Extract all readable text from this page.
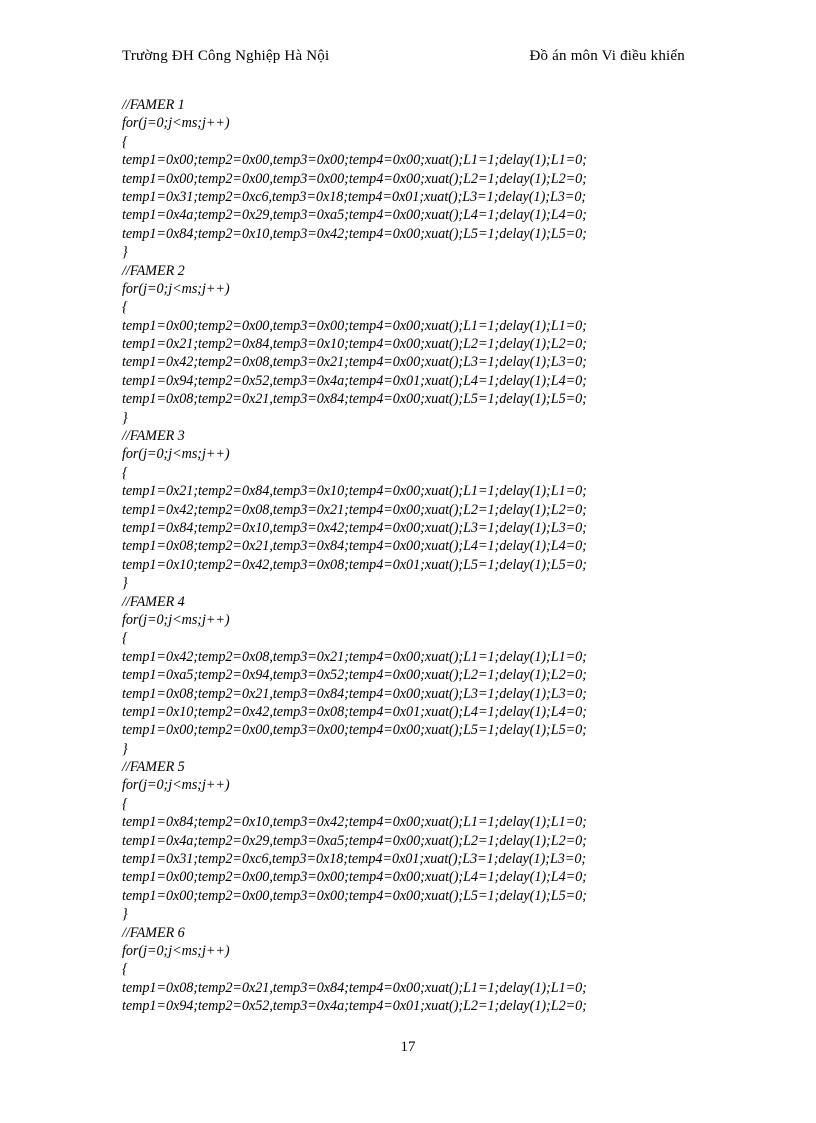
Trường ĐH Công Nghiệp Hà Nội	Đồ án môn Vi điều khiển
//FAMER 1
for(j=0;j<ms;j++)
{
temp1=0x00;temp2=0x00,temp3=0x00;temp4=0x00;xuat();L1=1;delay(1);L1=0;
temp1=0x00;temp2=0x00,temp3=0x00;temp4=0x00;xuat();L2=1;delay(1);L2=0;
temp1=0x31;temp2=0xc6,temp3=0x18;temp4=0x01;xuat();L3=1;delay(1);L3=0;
temp1=0x4a;temp2=0x29,temp3=0xa5;temp4=0x00;xuat();L4=1;delay(1);L4=0;
temp1=0x84;temp2=0x10,temp3=0x42;temp4=0x00;xuat();L5=1;delay(1);L5=0;
}
//FAMER 2
for(j=0;j<ms;j++)
{
temp1=0x00;temp2=0x00,temp3=0x00;temp4=0x00;xuat();L1=1;delay(1);L1=0;
temp1=0x21;temp2=0x84,temp3=0x10;temp4=0x00;xuat();L2=1;delay(1);L2=0;
temp1=0x42;temp2=0x08,temp3=0x21;temp4=0x00;xuat();L3=1;delay(1);L3=0;
temp1=0x94;temp2=0x52,temp3=0x4a;temp4=0x01;xuat();L4=1;delay(1);L4=0;
temp1=0x08;temp2=0x21,temp3=0x84;temp4=0x00;xuat();L5=1;delay(1);L5=0;
}
//FAMER 3
for(j=0;j<ms;j++)
{
temp1=0x21;temp2=0x84,temp3=0x10;temp4=0x00;xuat();L1=1;delay(1);L1=0;
temp1=0x42;temp2=0x08,temp3=0x21;temp4=0x00;xuat();L2=1;delay(1);L2=0;
temp1=0x84;temp2=0x10,temp3=0x42;temp4=0x00;xuat();L3=1;delay(1);L3=0;
temp1=0x08;temp2=0x21,temp3=0x84;temp4=0x00;xuat();L4=1;delay(1);L4=0;
temp1=0x10;temp2=0x42,temp3=0x08;temp4=0x01;xuat();L5=1;delay(1);L5=0;
}
//FAMER 4
for(j=0;j<ms;j++)
{
temp1=0x42;temp2=0x08,temp3=0x21;temp4=0x00;xuat();L1=1;delay(1);L1=0;
temp1=0xa5;temp2=0x94,temp3=0x52;temp4=0x00;xuat();L2=1;delay(1);L2=0;
temp1=0x08;temp2=0x21,temp3=0x84;temp4=0x00;xuat();L3=1;delay(1);L3=0;
temp1=0x10;temp2=0x42,temp3=0x08;temp4=0x01;xuat();L4=1;delay(1);L4=0;
temp1=0x00;temp2=0x00,temp3=0x00;temp4=0x00;xuat();L5=1;delay(1);L5=0;
}
//FAMER 5
for(j=0;j<ms;j++)
{
temp1=0x84;temp2=0x10,temp3=0x42;temp4=0x00;xuat();L1=1;delay(1);L1=0;
temp1=0x4a;temp2=0x29,temp3=0xa5;temp4=0x00;xuat();L2=1;delay(1);L2=0;
temp1=0x31;temp2=0xc6,temp3=0x18;temp4=0x01;xuat();L3=1;delay(1);L3=0;
temp1=0x00;temp2=0x00,temp3=0x00;temp4=0x00;xuat();L4=1;delay(1);L4=0;
temp1=0x00;temp2=0x00,temp3=0x00;temp4=0x00;xuat();L5=1;delay(1);L5=0;
}
//FAMER 6
for(j=0;j<ms;j++)
{
temp1=0x08;temp2=0x21,temp3=0x84;temp4=0x00;xuat();L1=1;delay(1);L1=0;
temp1=0x94;temp2=0x52,temp3=0x4a;temp4=0x01;xuat();L2=1;delay(1);L2=0;
17
